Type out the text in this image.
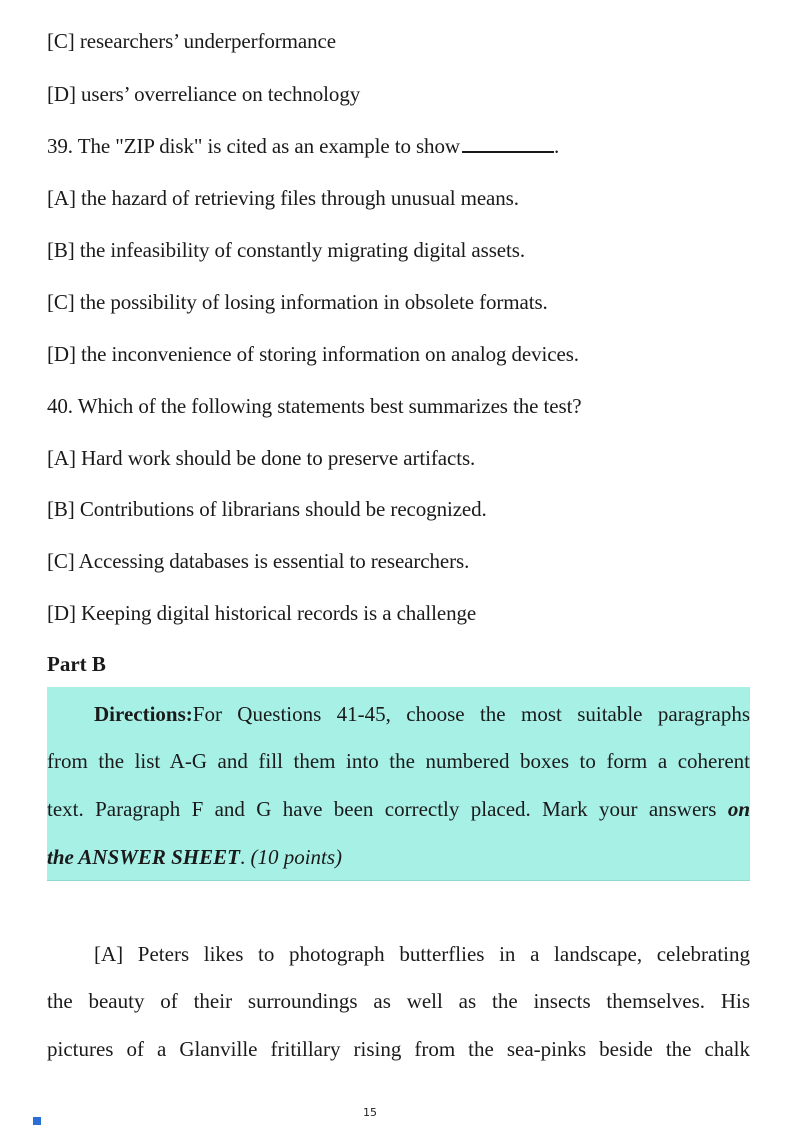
[C] researchers’ underperformance
[D] users’ overreliance on technology
39. The "ZIP disk" is cited as an example to show	.
[A] the hazard of retrieving files through unusual means.
[B] the infeasibility of constantly migrating digital assets.
[C] the possibility of losing information in obsolete formats.
[D] the inconvenience of storing information on analog devices.
40. Which of the following statements best summarizes the test?
[A] Hard work should be done to preserve artifacts.
[B] Contributions of librarians should be recognized.
[C] Accessing databases is essential to researchers.
[D] Keeping digital historical records is a challenge
Part B
Directions:For Questions 41-45, choose the most suitable paragraphs
from the list A-G and fill them into the numbered boxes to form a coherent
text. Paragraph F and G have been correctly placed. Mark your answers on
the ANSWER SHEET. (10 points)
[A] Peters likes to photograph butterflies in a landscape, celebrating
the beauty of their surroundings as well as the insects themselves. His
pictures of a Glanville fritillary rising from the sea-pinks beside the chalk
15
